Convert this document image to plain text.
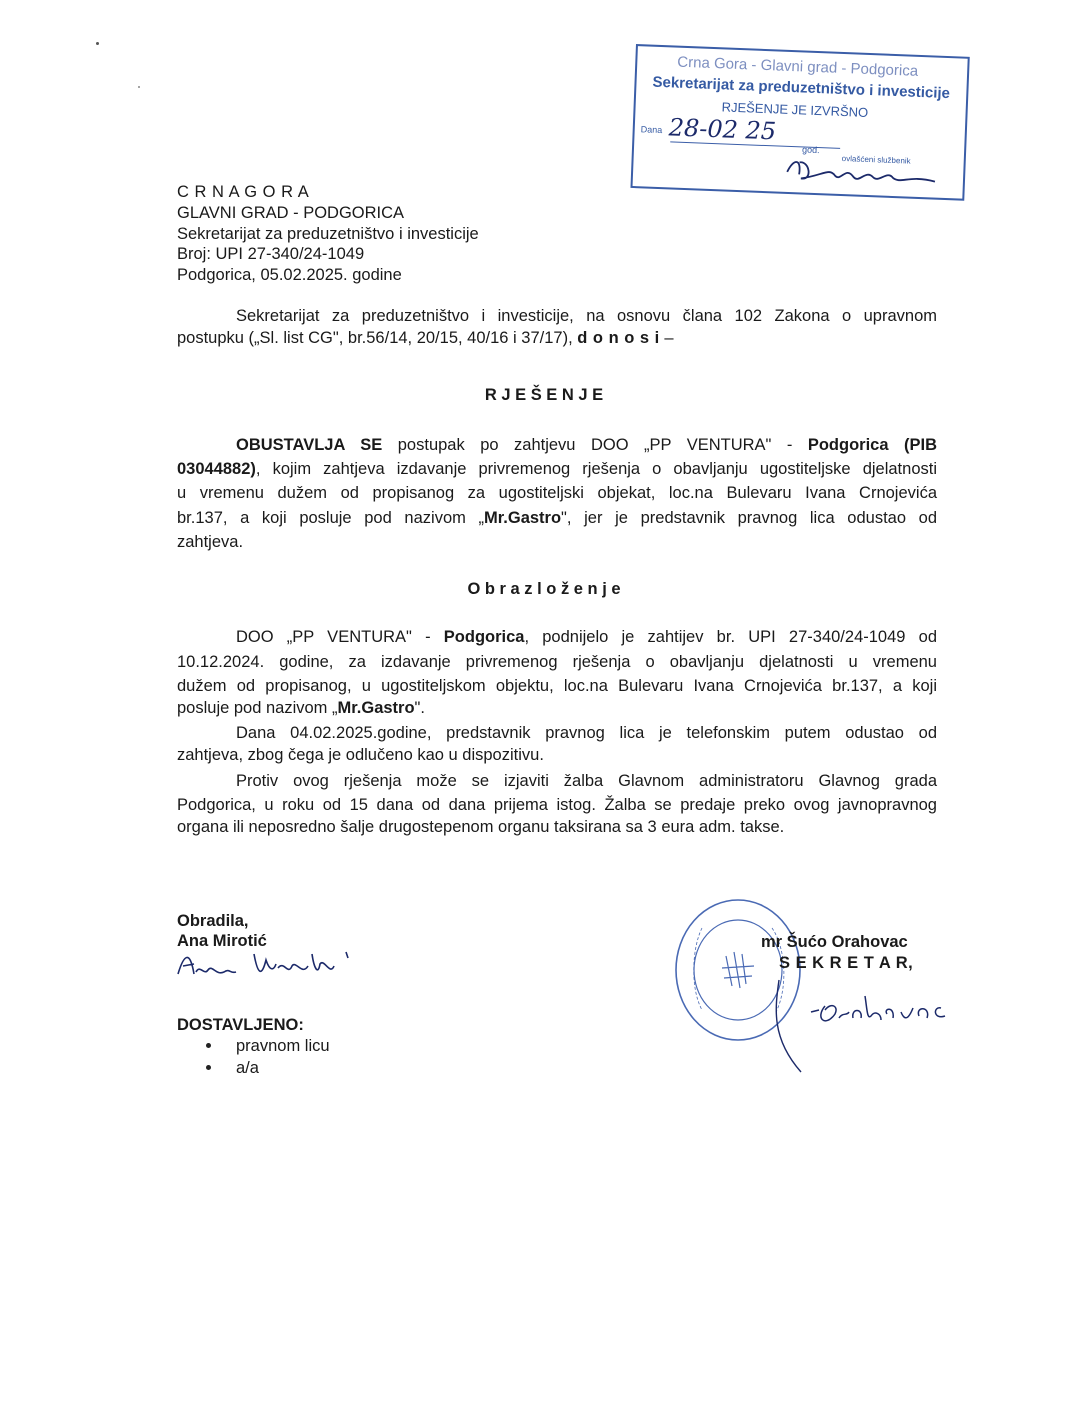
Crna Gora - Glavni grad - Podgorica
Sekretarijat za preduzetništvo i investicije
RJEŠENJE JE IZVRŠNO
Dana 28-02 25
god.
ovlašćeni službenik
C R N A G O R A
GLAVNI GRAD - PODGORICA
Sekretarijat za preduzetništvo i investicije
Broj: UPI 27-340/24-1049
Podgorica, 05.02.2025. godine
Sekretarijat za preduzetništvo i investicije, na osnovu člana 102 Zakona o upravnom
postupku („Sl. list CG", br.56/14, 20/15, 40/16 i 37/17), d o n o s i –
R J E Š E N J E
OBUSTAVLJA SE postupak po zahtjevu DOO „PP VENTURA" - Podgorica (PIB
03044882), kojim zahtjeva izdavanje privremenog rješenja o obavljanju ugostiteljske djelatnosti
u vremenu dužem od propisanog za ugostiteljski objekat, loc.na Bulevaru Ivana Crnojevića
br.137, a koji posluje pod nazivom „Mr.Gastro", jer je predstavnik pravnog lica odustao od
zahtjeva.
O b r a z l o ž e n j e
DOO „PP VENTURA" - Podgorica, podnijelo je zahtijev br. UPI 27-340/24-1049 od
10.12.2024. godine, za izdavanje privremenog rješenja o obavljanju djelatnosti u vremenu
dužem od propisanog, u ugostiteljskom objektu, loc.na Bulevaru Ivana Crnojevića br.137, a koji
posluje pod nazivom „Mr.Gastro".
Dana 04.02.2025.godine, predstavnik pravnog lica je telefonskim putem odustao od
zahtjeva, zbog čega je odlučeno kao u dispozitivu.
Protiv ovog rješenja može se izjaviti žalba Glavnom administratoru Glavnog grada
Podgorica, u roku od 15 dana od dana prijema istog. Žalba se predaje preko ovog javnopravnog
organa ili neposredno šalje drugostepenom organu taksirana sa 3 eura adm. takse.
Obradila,
Ana Mirotić
DOSTAVLJENO:
pravnom licu
a/a
mr Šućo Orahovac
S E K R E T A R,
